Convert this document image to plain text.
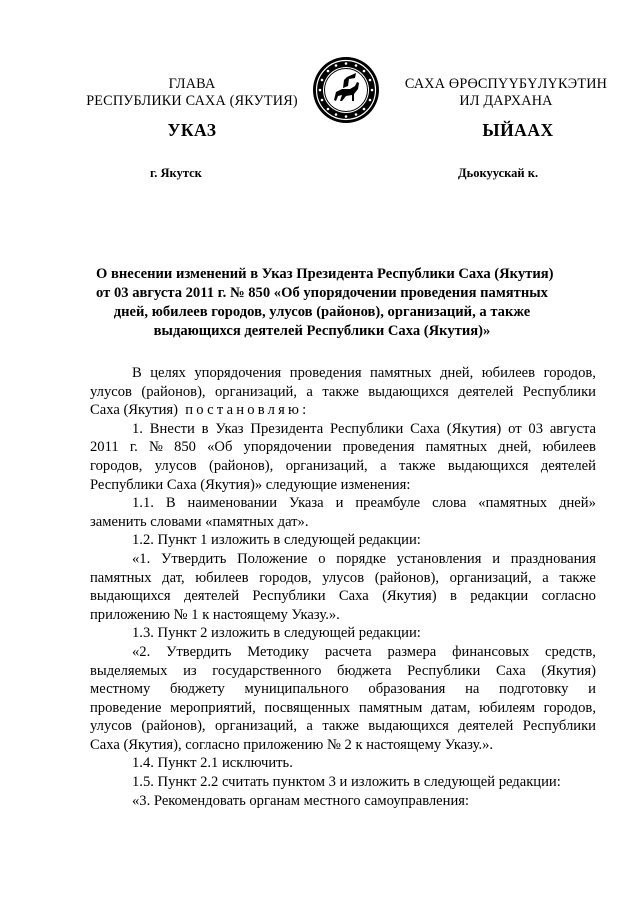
ГЛАВА
РЕСПУБЛИКИ САХА (ЯКУТИЯ)
САХА ӨРӨСПҮҮБҮЛҮКЭТИН
ИЛ ДАРХАНА
УКАЗ	ЫЙААХ
г. Якутск	Дьокуускай к.
О внесении изменений в Указ Президента Республики Саха (Якутия)
от 03 августа 2011 г. № 850 «Об упорядочении проведения памятных
дней, юбилеев городов, улусов (районов), организаций, а также
выдающихся деятелей Республики Саха (Якутия)»
В целях упорядочения проведения памятных дней, юбилеев городов,
улусов (районов), организаций, а также выдающихся деятелей Республики
Саха (Якутия) постановляю:
1. Внести в Указ Президента Республики Саха (Якутия) от 03 августа
2011 г. № 850 «Об упорядочении проведения памятных дней, юбилеев
городов, улусов (районов), организаций, а также выдающихся деятелей
Республики Саха (Якутия)» следующие изменения:
1.1. В наименовании Указа и преамбуле слова «памятных дней»
заменить словами «памятных дат».
1.2. Пункт 1 изложить в следующей редакции:
«1. Утвердить Положение о порядке установления и празднования
памятных дат, юбилеев городов, улусов (районов), организаций, а также
выдающихся деятелей Республики Саха (Якутия) в редакции согласно
приложению № 1 к настоящему Указу.».
1.3. Пункт 2 изложить в следующей редакции:
«2. Утвердить Методику расчета размера финансовых средств,
выделяемых из государственного бюджета Республики Саха (Якутия)
местному бюджету муниципального образования на подготовку и
проведение мероприятий, посвященных памятным датам, юбилеям городов,
улусов (районов), организаций, а также выдающихся деятелей Республики
Саха (Якутия), согласно приложению № 2 к настоящему Указу.».
1.4. Пункт 2.1 исключить.
1.5. Пункт 2.2 считать пунктом 3 и изложить в следующей редакции:
«3. Рекомендовать органам местного самоуправления:
